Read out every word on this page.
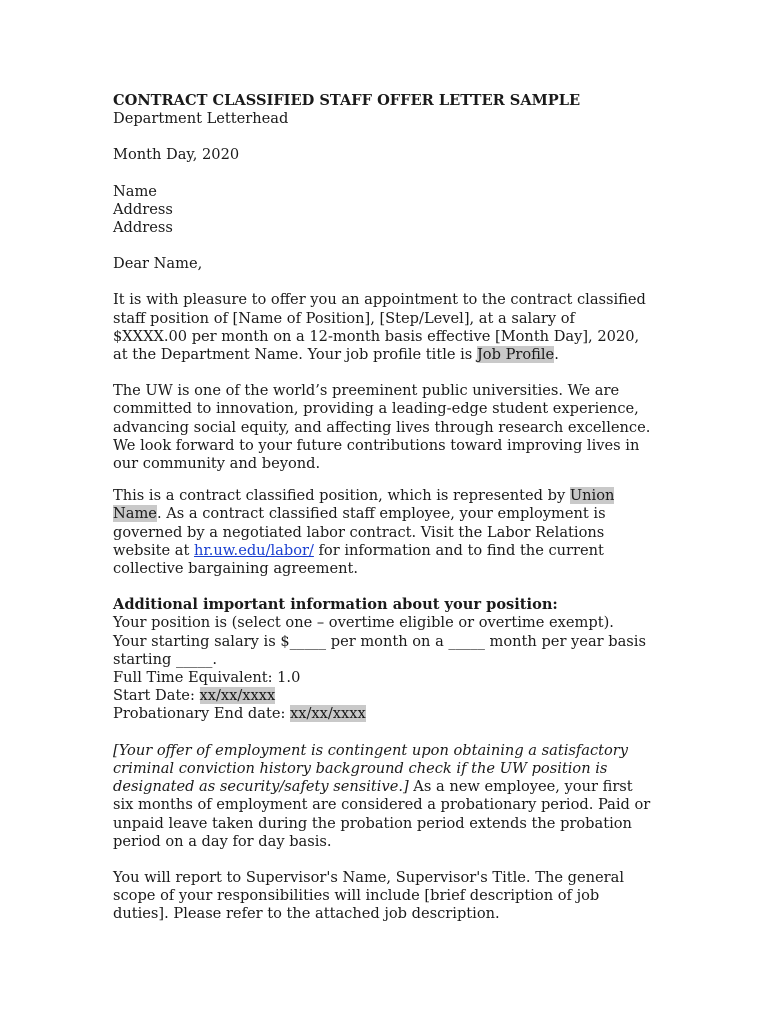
CONTRACT CLASSIFIED STAFF OFFER LETTER SAMPLE

Department Letterhead

Month Day, 2020

Name

Address

Address

Dear Name,

It is with pleasure to offer you an appointment to the contract classified staff position of [Name of Position], [Step/Level], at a salary of $XXXX.00 per month on a 12-month basis effective [Month Day], 2020, at the Department Name. Your job profile title is Job Profile.

The UW is one of the world’s preeminent public universities. We are committed to innovation, providing a leading-edge student experience, advancing social equity, and affecting lives through research excellence. We look forward to your future contributions toward improving lives in our community and beyond.

This is a contract classified position, which is represented by Union Name. As a contract classified staff employee, your employment is governed by a negotiated labor contract. Visit the Labor Relations website at hr.uw.edu/labor/ for information and to find the current collective bargaining agreement.

Additional important information about your position:

Your position is (select one – overtime eligible or overtime exempt).

Your starting salary is $_____ per month on a _____ month per year basis starting _____.

Full Time Equivalent: 1.0

Start Date: xx/xx/xxxx

Probationary End date: xx/xx/xxxx

[Your offer of employment is contingent upon obtaining a satisfactory criminal conviction history background check if the UW position is designated as security/safety sensitive.] As a new employee, your first six months of employment are considered a probationary period. Paid or unpaid leave taken during the probation period extends the probation period on a day for day basis.

You will report to Supervisor's Name, Supervisor's Title. The general scope of your responsibilities will include [brief description of job duties]. Please refer to the attached job description.
